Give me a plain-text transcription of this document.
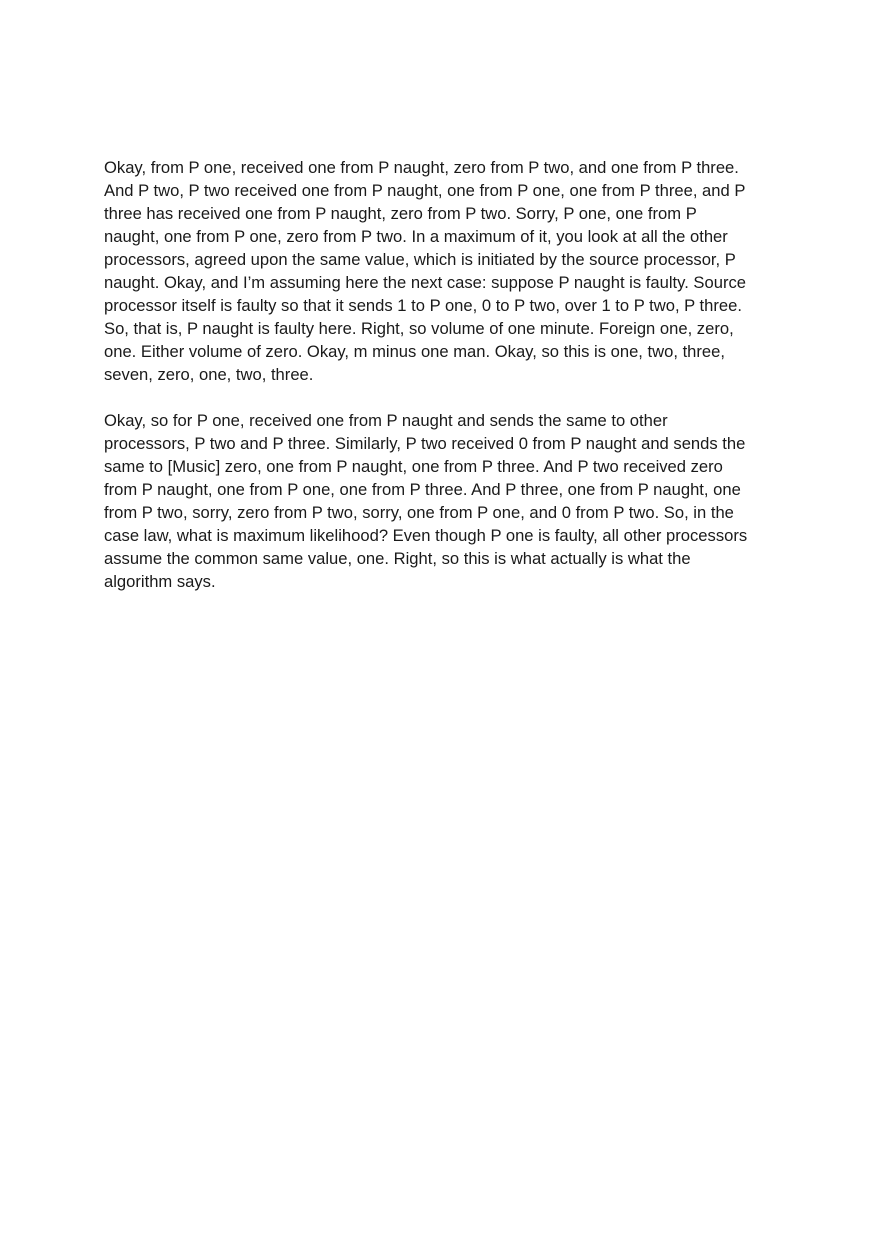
Okay, from P one, received one from P naught, zero from P two, and one from P three.
And P two, P two received one from P naught, one from P one, one from P three, and P
three has received one from P naught, zero from P two. Sorry, P one, one from P
naught, one from P one, zero from P two. In a maximum of it, you look at all the other
processors, agreed upon the same value, which is initiated by the source processor, P
naught. Okay, and I’m assuming here the next case: suppose P naught is faulty. Source
processor itself is faulty so that it sends 1 to P one, 0 to P two, over 1 to P two, P three.
So, that is, P naught is faulty here. Right, so volume of one minute. Foreign one, zero,
one. Either volume of zero. Okay, m minus one man. Okay, so this is one, two, three,
seven, zero, one, two, three.

Okay, so for P one, received one from P naught and sends the same to other
processors, P two and P three. Similarly, P two received 0 from P naught and sends the
same to [Music] zero, one from P naught, one from P three. And P two received zero
from P naught, one from P one, one from P three. And P three, one from P naught, one
from P two, sorry, zero from P two, sorry, one from P one, and 0 from P two. So, in the
case law, what is maximum likelihood? Even though P one is faulty, all other processors
assume the common same value, one. Right, so this is what actually is what the
algorithm says.
